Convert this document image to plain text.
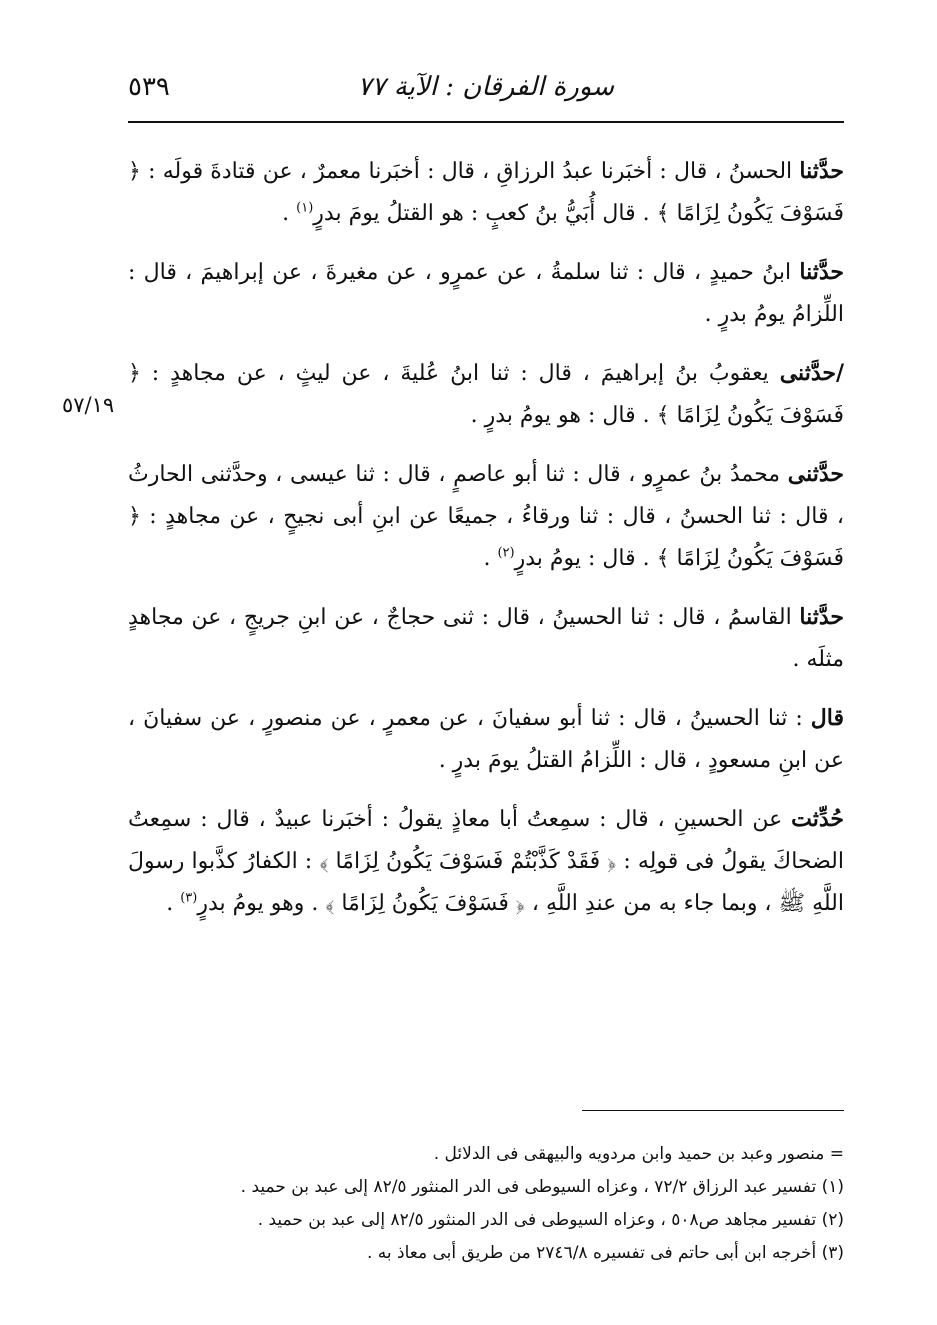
٥٣٩	سورة الفرقان : الآية ٧٧
٥٧/١٩

حدَّثنا الحسنُ ، قال : أخبَرنا عبدُ الرزاقِ ، قال : أخبَرنا معمرٌ ، عن قتادةَ قولَه : ﴿ فَسَوْفَ يَكُونُ لِزَامًا ﴾ . قال أُبَيُّ بنُ كعبٍ : هو القتلُ يومَ بدرٍ$^{(١)}$ .

حدَّثنا ابنُ حميدٍ ، قال : ثنا سلمةُ ، عن عمرٍو ، عن مغيرةَ ، عن إبراهيمَ ، قال : اللِّزامُ يومُ بدرٍ .

/حدَّثنى يعقوبُ بنُ إبراهيمَ ، قال : ثنا ابنُ عُليةَ ، عن ليثٍ ، عن مجاهدٍ : ﴿ فَسَوْفَ يَكُونُ لِزَامًا ﴾ . قال : هو يومُ بدرٍ .

حدَّثنى محمدُ بنُ عمرٍو ، قال : ثنا أبو عاصمٍ ، قال : ثنا عيسى ، وحدَّثنى الحارثُ ، قال : ثنا الحسنُ ، قال : ثنا ورقاءُ ، جميعًا عن ابنِ أبى نجيحٍ ، عن مجاهدٍ : ﴿ فَسَوْفَ يَكُونُ لِزَامًا ﴾ . قال : يومُ بدرٍ$^{(٢)}$ .

حدَّثنا القاسمُ ، قال : ثنا الحسينُ ، قال : ثنى حجاجٌ ، عن ابنِ جريجٍ ، عن مجاهدٍ مثلَه .

قال : ثنا الحسينُ ، قال : ثنا أبو سفيانَ ، عن معمرٍ ، عن منصورٍ ، عن سفيانَ ، عن ابنِ مسعودٍ ، قال : اللِّزامُ القتلُ يومَ بدرٍ .

حُدِّثت عن الحسينِ ، قال : سمِعتُ أبا معاذٍ يقولُ : أخبَرنا عبيدٌ ، قال : سمِعتُ الضحاكَ يقولُ فى قولِه : ﴿ فَقَدْ كَذَّبْتُمْ فَسَوْفَ يَكُونُ لِزَامًا ﴾ : الكفارُ كذَّبوا رسولَ اللَّهِ ﷺ ، وبما جاء به من عندِ اللَّهِ ، ﴿ فَسَوْفَ يَكُونُ لِزَامًا ﴾ . وهو يومُ بدرٍ$^{(٣)}$ .

= منصور وعبد بن حميد وابن مردويه والبيهقى فى الدلائل .

(١) تفسير عبد الرزاق ٧٢/٢ ، وعزاه السيوطى فى الدر المنثور ٨٢/٥ إلى عبد بن حميد .

(٢) تفسير مجاهد ص٥٠٨ ، وعزاه السيوطى فى الدر المنثور ٨٢/٥ إلى عبد بن حميد .

(٣) أخرجه ابن أبى حاتم فى تفسيره ٢٧٤٦/٨ من طريق أبى معاذ به .
